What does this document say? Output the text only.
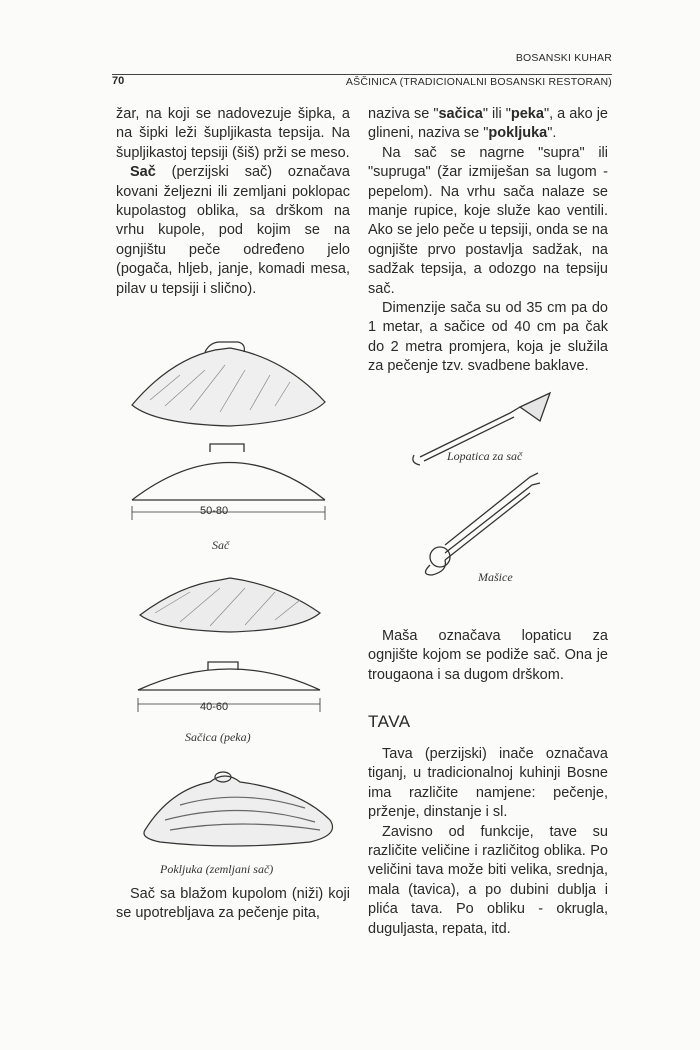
BOSANSKI KUHAR
70	AŠČINICA (TRADICIONALNI BOSANSKI RESTORAN)

žar, na koji se nadovezuje šipka, a na šipki leži šupljikasta tepsija. Na šupljikastoj tepsiji (šiš) prži se meso.

Sač (perzijski sač) označava kovani željezni ili zemljani poklopac kupolastog oblika, sa drškom na vrhu kupole, pod kojim se na ognjištu peče određeno jelo (pogača, hljeb, janje, komadi mesa, pilav u tepsiji i slično).

naziva se "sačica" ili "peka", a ako je glineni, naziva se "poklјuka".

Na sač se nagrne "supra" ili "supruga" (žar izmiješan sa lugom - pepelom). Na vrhu sača nalaze se manje rupice, koje služe kao ventili. Ako se jelo peče u tepsiji, onda se na ognjište prvo postavlja sadžak, na sadžak tepsija, a odozgo na tepsiju sač.

Dimenzije sača su od 35 cm pa do 1 metar, a sačice od 40 cm pa čak do 2 metra promjera, koja je služila za pečenje tzv. svadbene baklave.

50-80
Sač
40-60
Sačica (peka)
Pokljuka (zemljani sač)
Lopatica za sač
Mašice

Maša označava lopaticu za ognjište kojom se podiže sač. Ona je trougaona i sa dugom drškom.

TAVA

Tava (perzijski) inače označava tiganj, u tradicionalnoj kuhinji Bosne ima različite namjene: pečenje, prženje, dinstanje i sl.

Zavisno od funkcije, tave su različite veličine i različitog oblika. Po veličini tava može biti velika, srednja, mala (tavica), a po dubini dublja i plića tava. Po obliku - okrugla, duguljasta, repata, itd.

Sač sa blažom kupolom (niži) koji se upotrebljava za pečenje pita,
